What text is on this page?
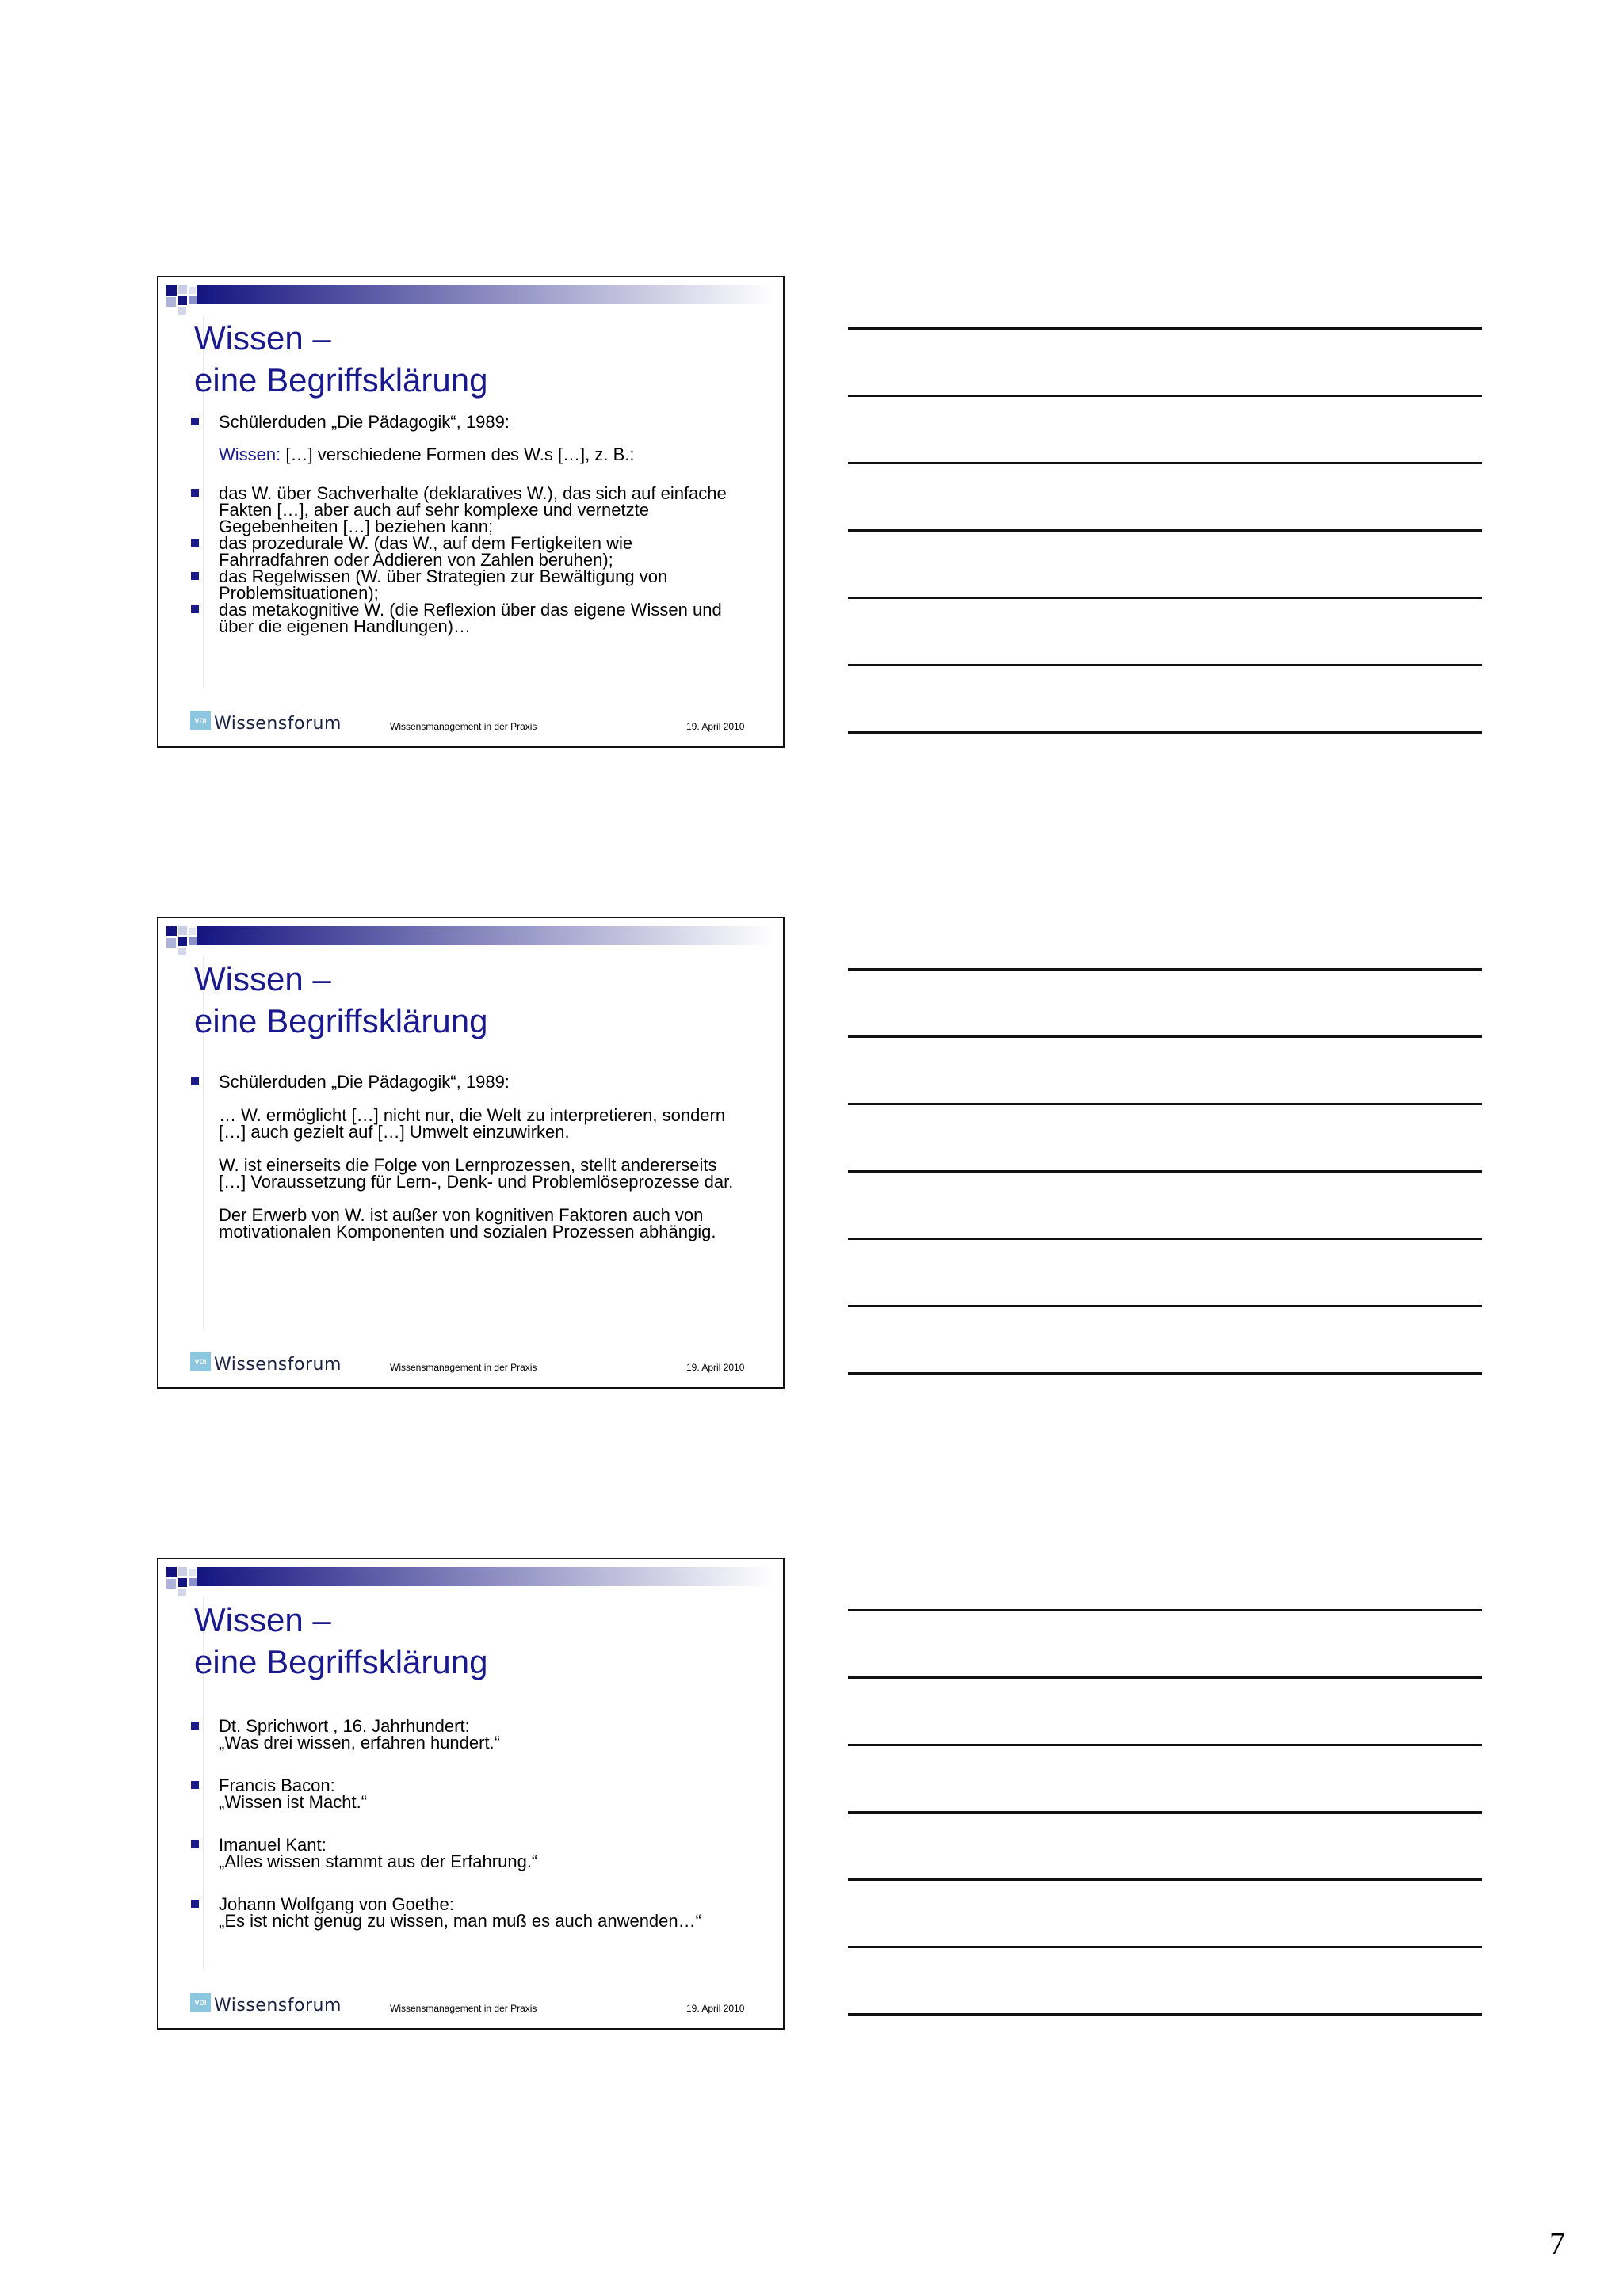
Wissen –
eine Begriffsklärung
Schülerduden „Die Pädagogik“, 1989:
Wissen: […] verschiedene Formen des W.s […], z. B.:
das W. über Sachverhalte (deklaratives W.), das sich auf einfache
Fakten […], aber auch auf sehr komplexe und vernetzte
Gegebenheiten […] beziehen kann;
das prozedurale W. (das W., auf dem Fertigkeiten wie
Fahrradfahren oder Addieren von Zahlen beruhen);
das Regelwissen (W. über Strategien zur Bewältigung von
Problemsituationen);
das metakognitive W. (die Reflexion über das eigene Wissen und
über die eigenen Handlungen)…
VDI Wissensforum	Wissensmanagement in der Praxis	19. April 2010
Wissen –
eine Begriffsklärung
Schülerduden „Die Pädagogik“, 1989:
… W. ermöglicht […] nicht nur, die Welt zu interpretieren, sondern
[…] auch gezielt auf […] Umwelt einzuwirken.
W. ist einerseits die Folge von Lernprozessen, stellt andererseits
[…] Voraussetzung für Lern-, Denk- und Problemlöseprozesse dar.
Der Erwerb von W. ist außer von kognitiven Faktoren auch von
motivationalen Komponenten und sozialen Prozessen abhängig.
VDI Wissensforum	Wissensmanagement in der Praxis	19. April 2010
Wissen –
eine Begriffsklärung
Dt. Sprichwort , 16. Jahrhundert:
„Was drei wissen, erfahren hundert.“
Francis Bacon:
„Wissen ist Macht.“
Imanuel Kant:
„Alles wissen stammt aus der Erfahrung.“
Johann Wolfgang von Goethe:
„Es ist nicht genug zu wissen, man muß es auch anwenden…“
VDI Wissensforum	Wissensmanagement in der Praxis	19. April 2010
7
